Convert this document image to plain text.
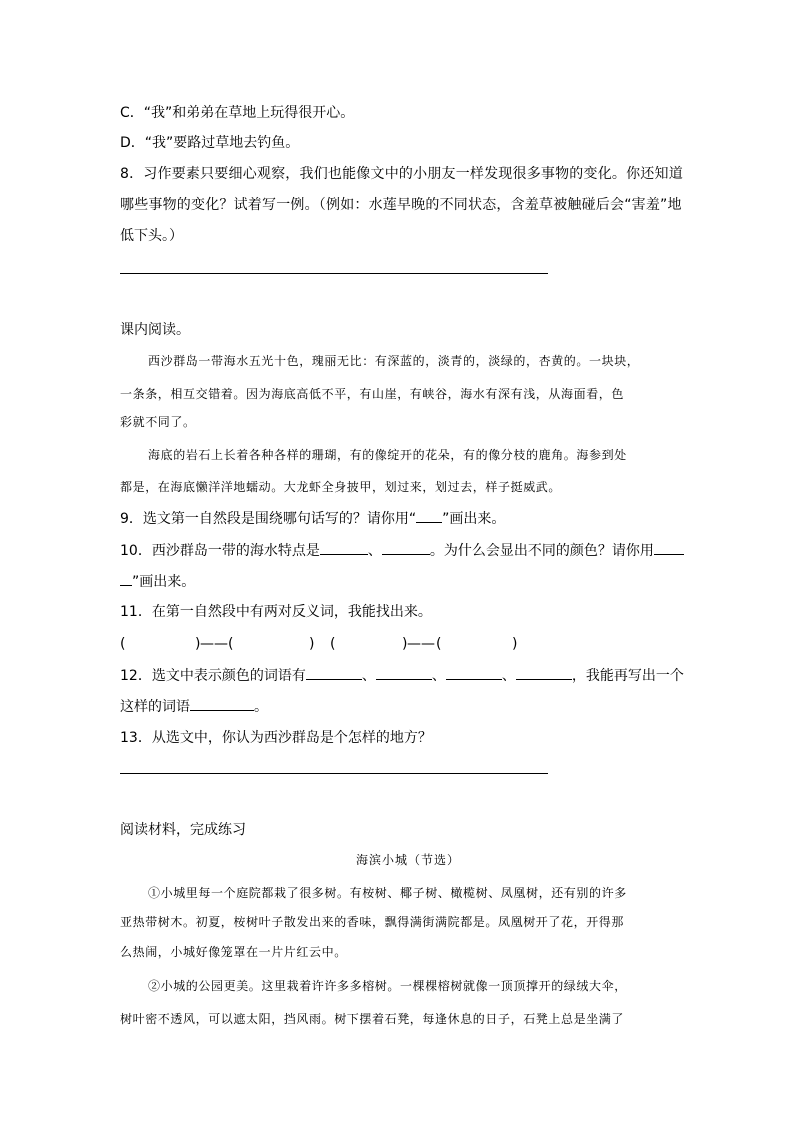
C．“我”和弟弟在草地上玩得很开心。
D．“我”要路过草地去钓鱼。
8．习作要素只要细心观察，我们也能像文中的小朋友一样发现很多事物的变化。你还知道
哪些事物的变化？试着写一例。（例如：水莲早晚的不同状态，含羞草被触碰后会“害羞”地
低下头。）
课内阅读。
西沙群岛一带海水五光十色，瑰丽无比：有深蓝的，淡青的，淡绿的，杏黄的。一块块，
一条条，相互交错着。因为海底高低不平，有山崖，有峡谷，海水有深有浅，从海面看，色
彩就不同了。
海底的岩石上长着各种各样的珊瑚，有的像绽开的花朵，有的像分枝的鹿角。海参到处
都是，在海底懒洋洋地蠕动。大龙虾全身披甲，划过来，划过去，样子挺威武。
9．选文第一自然段是围绕哪句话写的？请你用“ ”画出来。
10．西沙群岛一带的海水特点是	、	。为什么会显出不同的颜色？请你用
”画出来。
11．在第一自然段中有两对反义词，我能找出来。
(	) —— (	) (	) —— (	)
12．选文中表示颜色的词语有	、	、	、	，我能再写出一个
这样的词语	。
13．从选文中，你认为西沙群岛是个怎样的地方？
阅读材料，完成练习
海滨小城（节选）
①小城里每一个庭院都栽了很多树。有桉树、椰子树、橄榄树、凤凰树，还有别的许多
亚热带树木。初夏，桉树叶子散发出来的香味，飘得满街满院都是。凤凰树开了花，开得那
么热闹，小城好像笼罩在一片片红云中。
②小城的公园更美。这里栽着许许多多榕树。一棵棵榕树就像一顶顶撑开的绿绒大伞，
树叶密不透风，可以遮太阳，挡风雨。树下摆着石凳，每逢休息的日子，石凳上总是坐满了
